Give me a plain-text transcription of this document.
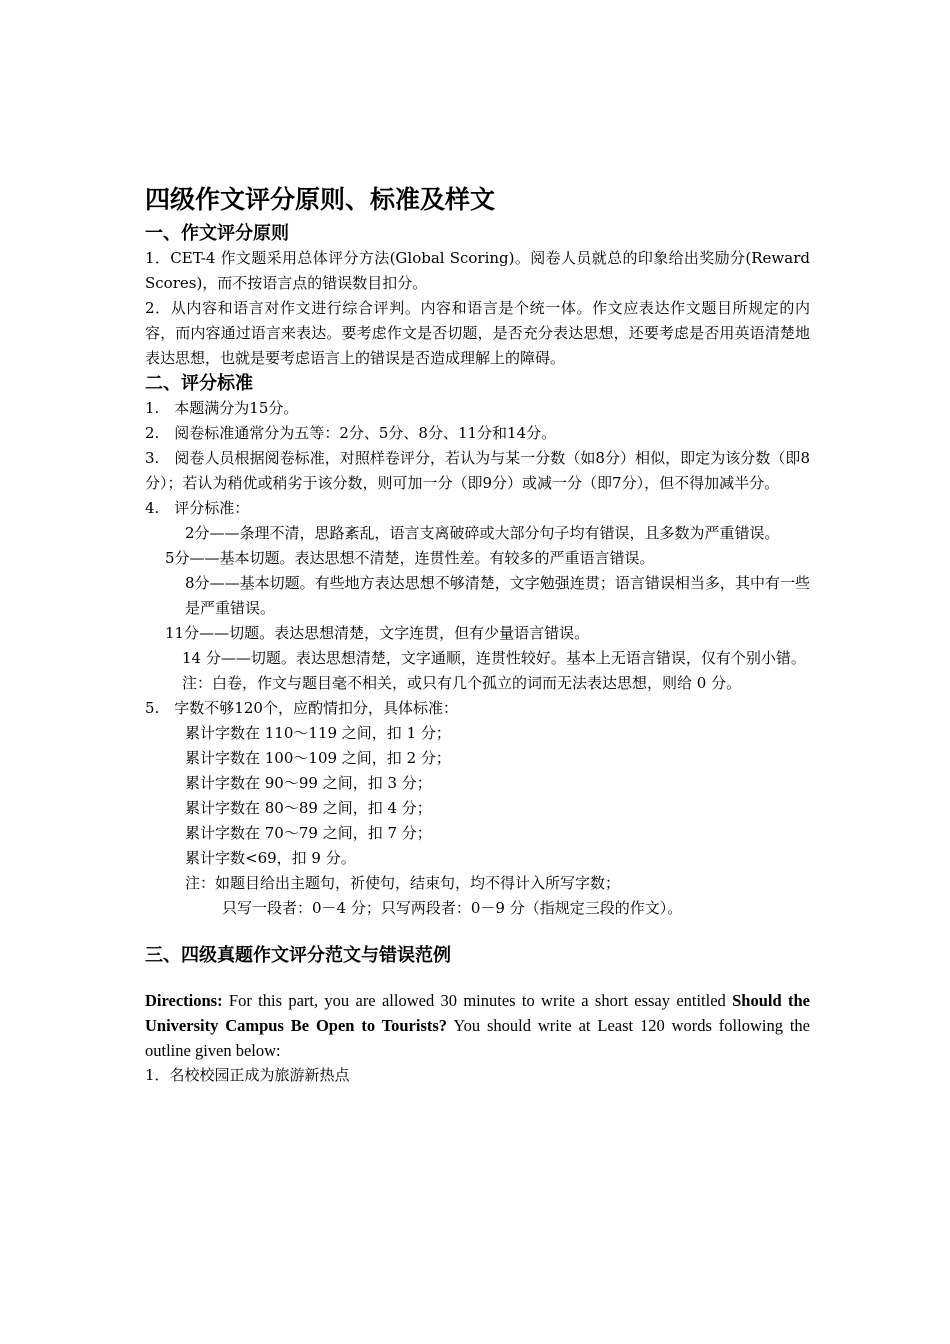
四级作文评分原则、标准及样文
一、作文评分原则

1．CET-4 作文题采用总体评分方法(Global Scoring)。阅卷人员就总的印象给出奖励分(Reward Scores)，而不按语言点的错误数目扣分。

2．从内容和语言对作文进行综合评判。内容和语言是个统一体。作文应表达作文题目所规定的内容，而内容通过语言来表达。要考虑作文是否切题，是否充分表达思想，还要考虑是否用英语清楚地表达思想，也就是要考虑语言上的错误是否造成理解上的障碍。

二、评分标准

1.　本题满分为15分。

2.　阅卷标准通常分为五等：2分、5分、8分、11分和14分。

3.　阅卷人员根据阅卷标准，对照样卷评分，若认为与某一分数（如8分）相似，即定为该分数（即8分）；若认为稍优或稍劣于该分数，则可加一分（即9分）或减一分（即7分），但不得加减半分。

4.　评分标准：

2分——条理不清，思路紊乱，语言支离破碎或大部分句子均有错误，且多数为严重错误。

5分——基本切题。表达思想不清楚，连贯性差。有较多的严重语言错误。

8分——基本切题。有些地方表达思想不够清楚，文字勉强连贯；语言错误相当多，其中有一些是严重错误。

11分——切题。表达思想清楚，文字连贯，但有少量语言错误。

14 分——切题。表达思想清楚，文字通顺，连贯性较好。基本上无语言错误，仅有个别小错。

注：白卷，作文与题目毫不相关，或只有几个孤立的词而无法表达思想，则给 0 分。

5.　字数不够120个，应酌情扣分，具体标准：

累计字数在 110～119 之间，扣 1 分；

累计字数在 100～109 之间，扣 2 分；

累计字数在 90～99 之间，扣 3 分；

累计字数在 80～89 之间，扣 4 分；

累计字数在 70～79 之间，扣 7 分；

累计字数<69，扣 9 分。

注：如题目给出主题句，祈使句，结束句，均不得计入所写字数；

只写一段者：0－4 分；只写两段者：0－9 分（指规定三段的作文）。

三、四级真题作文评分范文与错误范例

Directions: For this part, you are allowed 30 minutes to write a short essay entitled Should the University Campus Be Open to Tourists? You should write at Least 120 words following the outline given below:

1．名校校园正成为旅游新热点
